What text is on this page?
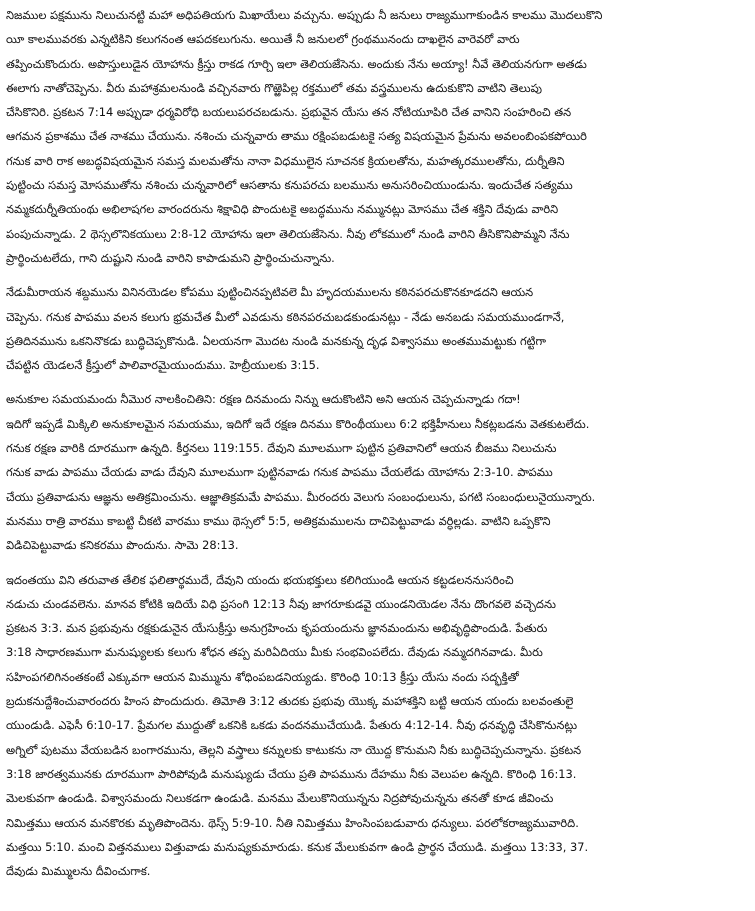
నిజముల పక్షమును నిలుచునట్టి మహా అధిపతియగు మిఖాయేలు వచ్చును. అప్పుడు నీ జనులు రాజ్యముగాకుండిన కాలము మొదలుకొని
యీ కాలమువరకు ఎన్నటికిని కలుగనంత ఆపదకలుగును. అయితే నీ జనులలో గ్రంథమునందు దాఖలైన వారెవరో వారు
తప్పించుకొందురు. అపొస్తులుడైన యోహాను క్రీస్తు రాకడ గూర్చి ఇలా తెలియజేసెను. అందుకు నేను అయ్యా! నీవే తెలియనగుగా అతడు
ఈలాగు నాతోచెప్పెను. వీరు మహాశ్రమలనుండి వచ్చినవారు గొఱ్ఱెపిల్ల రక్తములో తమ వస్త్రములను ఉదుకుకొని వాటిని తెలుపు
చేసికొనిరి. ప్రకటన 7:14 అప్పుడా ధర్మవిరోధి బయలుపరచబడును. ప్రభువైన యేసు తన నోటియూపిరి చేత వానిని సంహరించి తన
ఆగమన ప్రకాశము చేత నాశము చేయును. నశించు చున్నవారు తాము రక్షింపబడుటకై సత్య విషయమైన ప్రేమను అవలంబింపకపోయిరి
గనుక వారి రాక అబద్ధవిషయమైన సమస్త మలమతోను నానా విధములైన సూచనక క్రియలతోను, మహత్కరములతోను, దుర్నీతిని
పుట్టించు సమస్త మోసముతోను నశించు చున్నవారిలో ఆసతాను కనుపరచు బలమును అనుసరించియుండును. ఇందుచేత సత్యము
నమ్మకదుర్నీతియంథు అభిలాషగల వారందరును శిక్షావిధి పొందుటకై అబద్ధమును నమ్మునట్లు మోసము చేత శక్తిని దేవుడు వారిని
పంపుచున్నాడు. 2 థెస్సలొనికయులు 2:8-12 యోహాను ఇలా తెలియజేసెను. నీవు లోకములో నుండి వారిని తీసికొనిపొమ్మని నేను
ప్రార్థించుటలేదు, గాని దుష్టుని నుండి వారిని కాపాడుమని ప్రార్థించుచున్నాను.
నేడుమీరాయన శబ్దమును వినినయెడల కోపము పుట్టించినప్పటివలె మీ హృదయములను కఠినపరచుకొనకూడదని ఆయన
చెప్పెను. గనుక పాపము వలన కలుగు భ్రమచేత మీలో ఎవడును కఠినపరచుబడకుండునట్లు - నేడు అనబడు సమయముండగానే,
ప్రతిదినమును ఒకనినొకడు బుద్ధిచెప్పకొనుడి. ఏలయనగా మొదట నుండి మనకున్న దృఢ విశ్వాసము అంతముమట్టుకు గట్టిగా
చేపట్టిన యెడలనే క్రీస్తులో పాలివారమైయుందుము. హెబ్రీయులకు 3:15.
అనుకూల సమయమందు నీమొర నాలకించితిని: రక్షణ దినమందు నిన్ను ఆదుకొంటిని అని ఆయన చెప్పచున్నాడు గదా!
ఇదిగో ఇప్పడే మిక్కిలి అనుకూలమైన సమయము, ఇదిగో ఇదే రక్షణ దినము కొరింథీయులు 6:2 భక్తిహీనులు నీకట్లబడను వెతకుటలేదు.
గనుక రక్షణ వారికి దూరముగా ఉన్నది. కీర్తనలు 119:155. దేవుని మూలముగా పుట్టిన ప్రతివానిలో ఆయన బీజము నిలుచును
గనుక వాడు పాపము చేయడు వాడు దేవుని మూలముగా పుట్టినవాడు గనుక పాపము చేయలేడు యోహాను 2:3-10. పాపము
చేయు ప్రతివాడును ఆజ్ఞను అతిక్రమించును. ఆజ్ఞాతిక్రమమే పాపము. మీరందరు వెలుగు సంబంధులును, పగటి సంబంధులునైయున్నారు.
మనము రాత్రి వారము కాబట్టి చీకటి వారము కాము థెస్సలో 5:5, అతిక్రమములను దాచిపెట్టువాడు వర్ధిల్లడు. వాటిని ఒప్పకొని
విడిచిపెట్టువాడు కనికరము పొందును. సామె 28:13.
ఇదంతయు విని తరువాత తేలిక ఫలితార్థముదే, దేవుని యందు భయభక్తులు కలిగియుండి ఆయన కట్టడలననుసరించి
నడుచు చుండవలెను. మానవ కోటికి ఇదియే విధి ప్రసంగి 12:13 నీవు జాగరూకుడవై యుండనియెడల నేను దొంగవలె వచ్చెదను
ప్రకటన 3:3. మన ప్రభువును రక్షకుడునైన యేసుక్రీస్తు అనుగ్రహించు కృపయందును జ్ఞానమందును అభివృద్ధిపొందుడి. పేతురు
3:18 సాధారణముగా మనుష్యులకు కలుగు శోధన తప్ప మరిఏదియు మీకు సంభవింపలేదు. దేవుడు నమ్మదగినవాడు. మీరు
సహింపగలిగినంతకంటే ఎక్కువగా ఆయన మిమ్మును శోధింపబడనియ్యడు. కొరింధి 10:13 క్రీస్తు యేసు నందు సద్భక్తితో
బ్రదుకనుద్దేశించువారందరు హింస పొందుదురు. తిమోతి 3:12 తుదకు ప్రభువు యొక్క మహాశక్తిని బట్టి ఆయన యందు బలవంతులై
యుండుడి. ఎఫెసీ 6:10-17. ప్రేమగల ముద్దుతో ఒకనికి ఒకడు వందనముచేయుడి. పేతురు 4:12-14. నీవు ధనవృద్ధి చేసికొనునట్లు
అగ్నిలో పుటము వేయబడిన బంగారమును, తెల్లని వస్త్రాలు కన్నులకు కాటుకను నా యొద్ద కొనుమని నీకు బుద్ధిచెప్పచున్నాను. ప్రకటన
3:18 జారత్వమునకు దూరముగా పారిపోవుడి మనుష్యుడు చేయు ప్రతి పాపమును దేహము నీకు వెలుపల ఉన్నది. కొరింధి 16:13.
మెలకువగా ఉండుడి. విశ్వాసమందు నిలుకడగా ఉండుడి. మనము మేలుకొనియున్నను నిద్రపోవుచున్నను తనతో కూడ జీవించు
నిమిత్తము ఆయన మనకొరకు మృతిపొందెను. థెస్స్ 5:9-10. నీతి నిమిత్తము హింసింపబడువారు ధన్యులు. పరలోకరాజ్యమువారిది.
మత్తయి 5:10. మంచి విత్తనములు విత్తువాడు మనుష్యకుమారుడు. కనుక మేలుకువగా ఉండి ప్రార్థన చేయుడి. మత్తయి 13:33, 37.
దేవుడు మిమ్ములను దీవించుగాక.
